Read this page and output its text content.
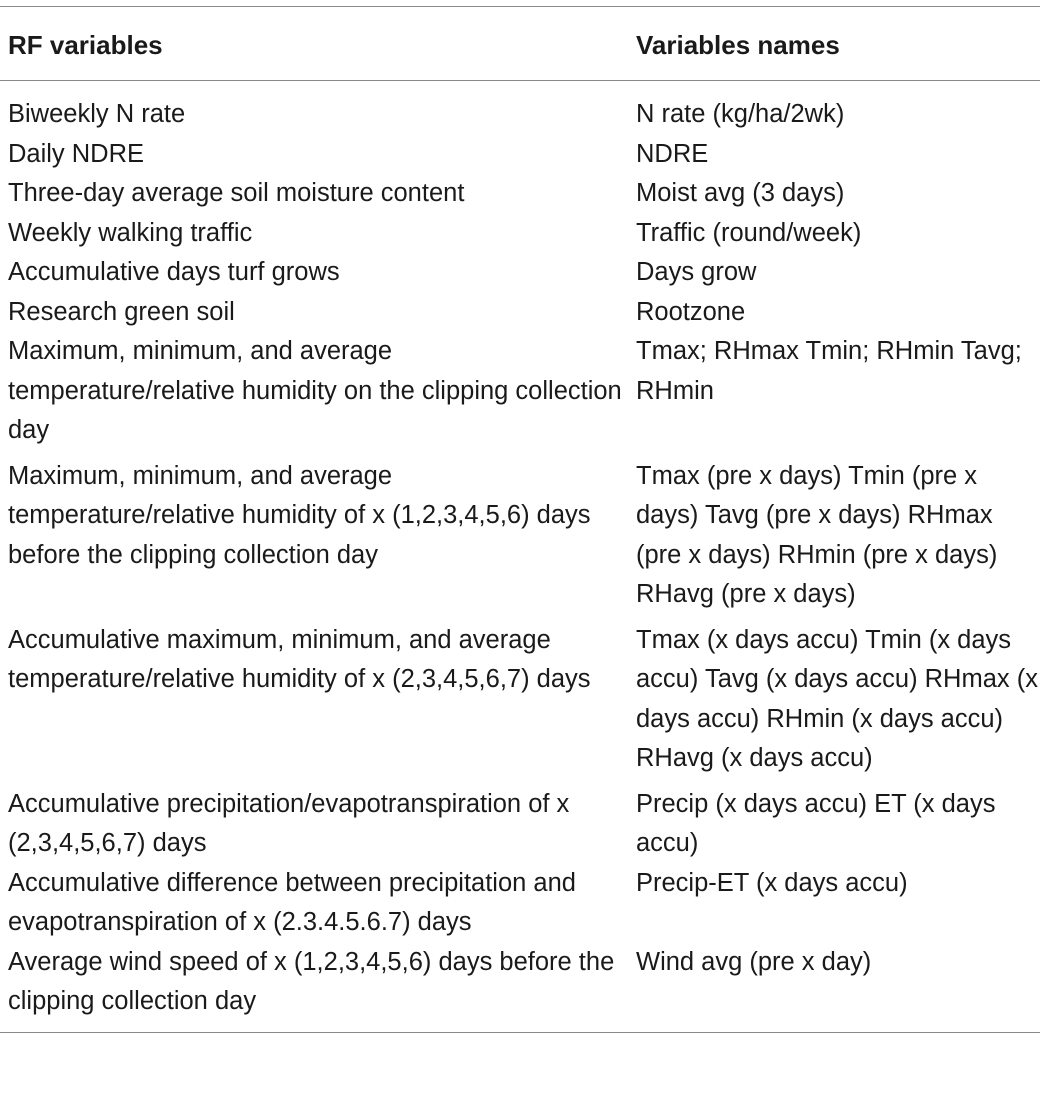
RF variables	Variables names
Biweekly N rate	N rate (kg/ha/2wk)
Daily NDRE	NDRE
Three-day average soil moisture content	Moist avg (3 days)
Weekly walking traffic	Traffic (round/week)
Accumulative days turf grows	Days grow
Research green soil	Rootzone
Maximum, minimum, and average temperature/relative humidity on the clipping collection day	Tmax; RHmax Tmin; RHmin Tavg; RHmin
Maximum, minimum, and average temperature/relative humidity of x (1,2,3,4,5,6) days before the clipping collection day	Tmax (pre x days) Tmin (pre x days) Tavg (pre x days) RHmax (pre x days) RHmin (pre x days) RHavg (pre x days)
Accumulative maximum, minimum, and average temperature/relative humidity of x (2,3,4,5,6,7) days	Tmax (x days accu) Tmin (x days accu) Tavg (x days accu) RHmax (x days accu) RHmin (x days accu) RHavg (x days accu)
Accumulative precipitation/evapotranspiration of x (2,3,4,5,6,7) days	Precip (x days accu) ET (x days accu)
Accumulative difference between precipitation and evapotranspiration of x (2.3.4.5.6.7) days	Precip-ET (x days accu)
Average wind speed of x (1,2,3,4,5,6) days before the clipping collection day	Wind avg (pre x day)
